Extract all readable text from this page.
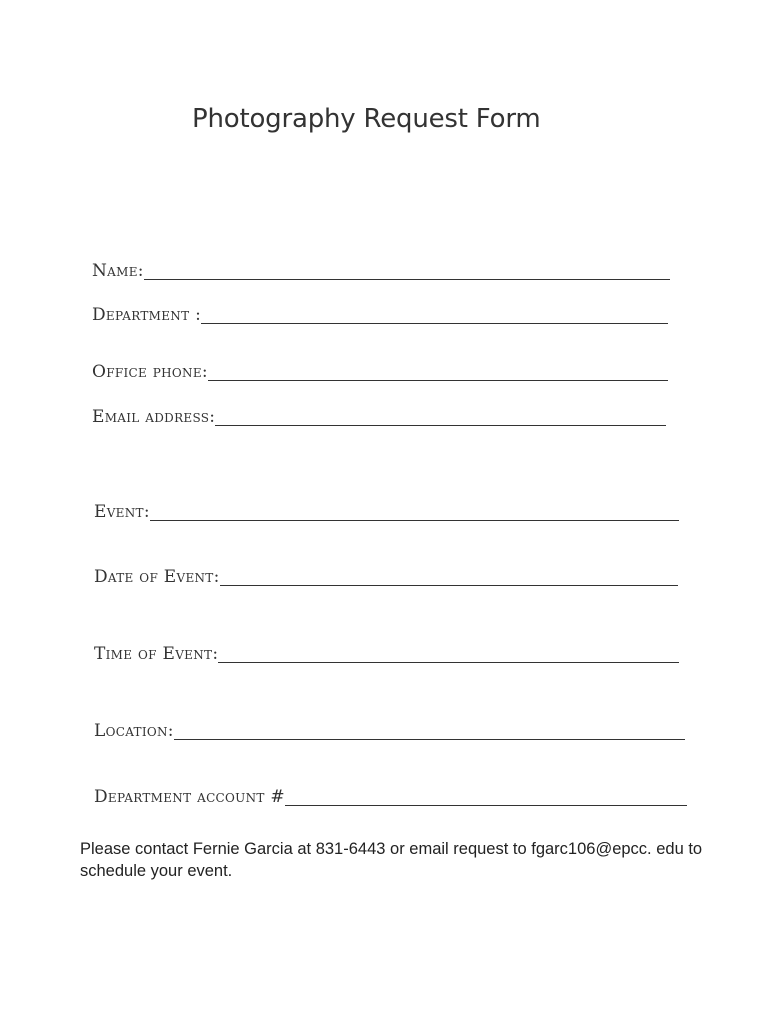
Photography Request Form
Name:
Department :
Office phone:
Email address:
Event:
Date of Event:
Time of Event:
Location:
Department account #
Please contact Fernie Garcia at 831-6443 or email request to fgarc106@epcc. edu to schedule your event.
